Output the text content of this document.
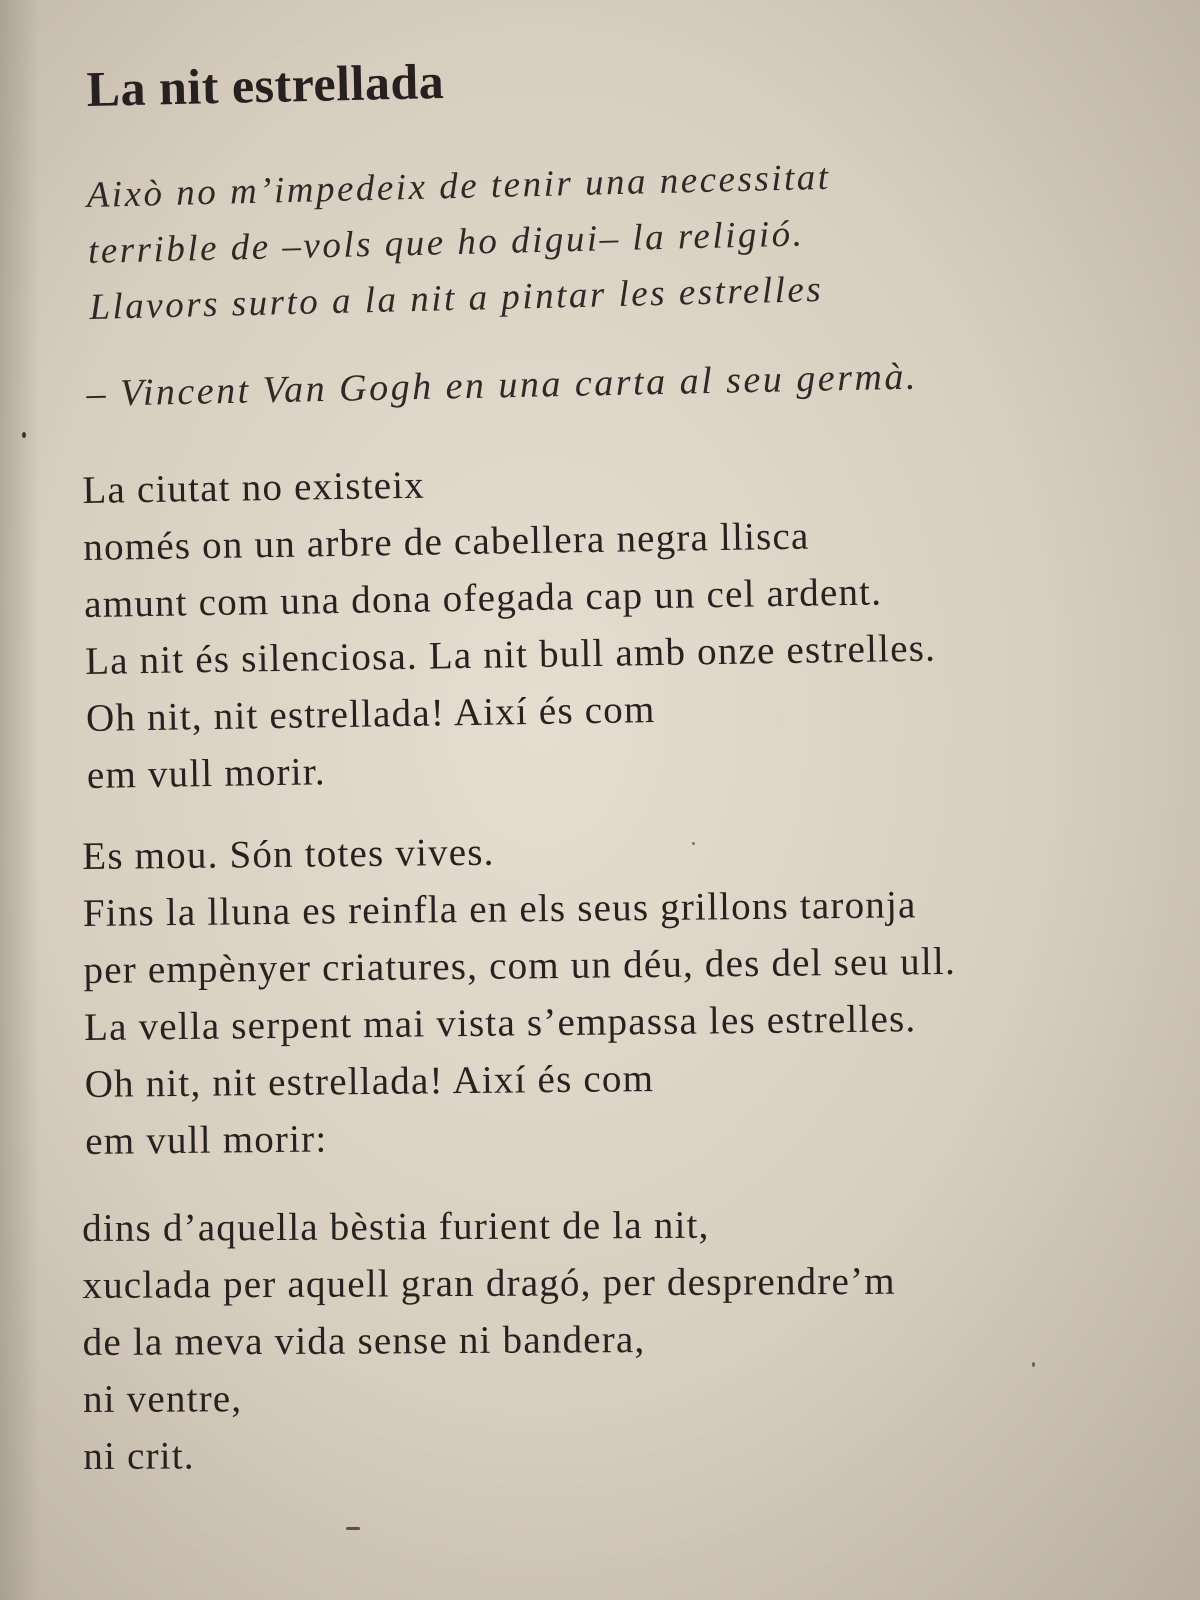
La nit estrellada
Això no m’impedeix de tenir una necessitat
terrible de –vols que ho digui– la religió.
Llavors surto a la nit a pintar les estrelles
– Vincent Van Gogh en una carta al seu germà.
La ciutat no existeix
només on un arbre de cabellera negra llisca
amunt com una dona ofegada cap un cel ardent.
La nit és silenciosa. La nit bull amb onze estrelles.
Oh nit, nit estrellada! Així és com
em vull morir.
Es mou. Són totes vives.
Fins la lluna es reinfla en els seus grillons taronja
per empènyer criatures, com un déu, des del seu ull.
La vella serpent mai vista s’empassa les estrelles.
Oh nit, nit estrellada! Així és com
em vull morir:
dins d’aquella bèstia furient de la nit,
xuclada per aquell gran dragó, per desprendre’m
de la meva vida sense ni bandera,
ni ventre,
ni crit.
